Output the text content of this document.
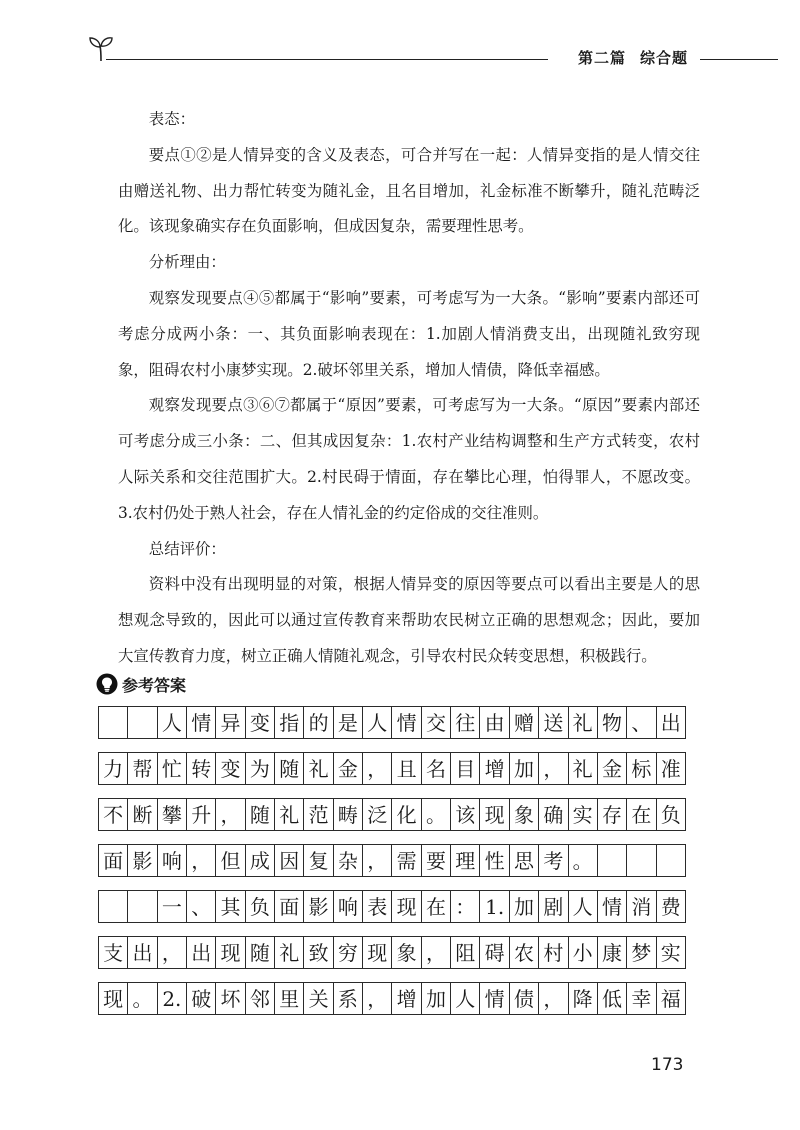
第二篇 综合题

表态：

要点①②是人情异变的含义及表态，可合并写在一起：人情异变指的是人情交往由赠送礼物、出力帮忙转变为随礼金，且名目增加，礼金标准不断攀升，随礼范畴泛化。该现象确实存在负面影响，但成因复杂，需要理性思考。

分析理由：

观察发现要点④⑤都属于“影响”要素，可考虑写为一大条。“影响”要素内部还可考虑分成两小条：一、其负面影响表现在：1.加剧人情消费支出，出现随礼致穷现象，阻碍农村小康梦实现。2.破坏邻里关系，增加人情债，降低幸福感。

观察发现要点③⑥⑦都属于“原因”要素，可考虑写为一大条。“原因”要素内部还可考虑分成三小条：二、但其成因复杂：1.农村产业结构调整和生产方式转变，农村人际关系和交往范围扩大。2.村民碍于情面，存在攀比心理，怕得罪人，不愿改变。3.农村仍处于熟人社会，存在人情礼金的约定俗成的交往准则。

总结评价：

资料中没有出现明显的对策，根据人情异变的原因等要点可以看出主要是人的思想观念导致的，因此可以通过宣传教育来帮助农民树立正确的思想观念；因此，要加大宣传教育力度，树立正确人情随礼观念，引导农村民众转变思想，积极践行。

参考答案
人 情 异 变 指 的 是 人 情 交 往 由 赠 送 礼 物 、 出
力 帮 忙 转 变 为 随 礼 金 ， 且 名 目 增 加 ， 礼 金 标 准
不 断 攀 升 ， 随 礼 范 畴 泛 化 。 该 现 象 确 实 存 在 负
面 影 响 ， 但 成 因 复 杂 ， 需 要 理 性 思 考 。
一 、 其 负 面 影 响 表 现 在 ： 1. 加 剧 人 情 消 费
支 出 ， 出 现 随 礼 致 穷 现 象 ， 阻 碍 农 村 小 康 梦 实
现 。 2. 破 坏 邻 里 关 系 ， 增 加 人 情 债 ， 降 低 幸 福
173
